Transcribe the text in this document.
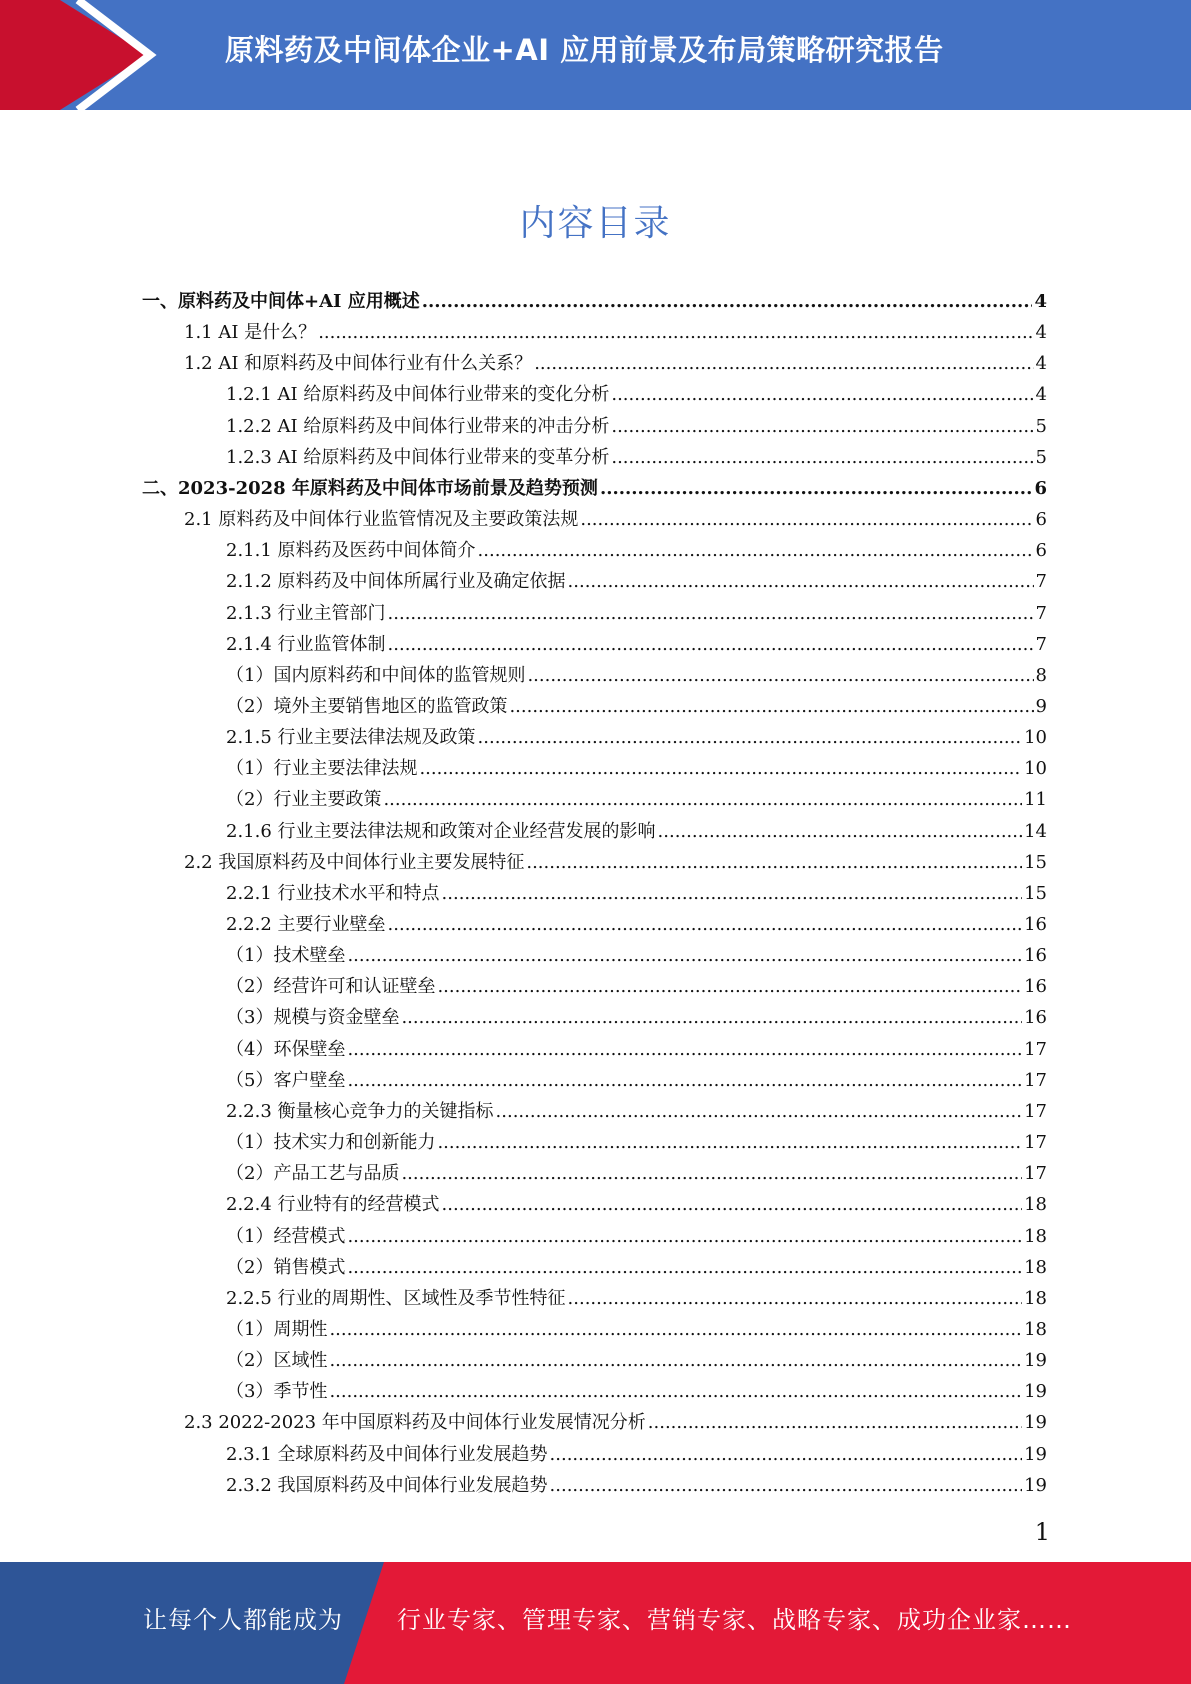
原料药及中间体企业+AI 应用前景及布局策略研究报告
内容目录
一、原料药及中间体+AI 应用概述 .....	4
1.1 AI 是什么？ .....	4
1.2 AI 和原料药及中间体行业有什么关系？ .....	4
1.2.1 AI 给原料药及中间体行业带来的变化分析 .....	4
1.2.2 AI 给原料药及中间体行业带来的冲击分析 .....	5
1.2.3 AI 给原料药及中间体行业带来的变革分析 .....	5
二、2023-2028 年原料药及中间体市场前景及趋势预测 .....	6
2.1 原料药及中间体行业监管情况及主要政策法规 .....	6
2.1.1 原料药及医药中间体简介 .....	6
2.1.2 原料药及中间体所属行业及确定依据 .....	7
2.1.3 行业主管部门 .....	7
2.1.4 行业监管体制 .....	7
（1）国内原料药和中间体的监管规则 .....	8
（2）境外主要销售地区的监管政策 .....	9
2.1.5 行业主要法律法规及政策 .....	10
（1）行业主要法律法规 .....	10
（2）行业主要政策 .....	11
2.1.6 行业主要法律法规和政策对企业经营发展的影响 .....	14
2.2 我国原料药及中间体行业主要发展特征 .....	15
2.2.1 行业技术水平和特点 .....	15
2.2.2 主要行业壁垒 .....	16
（1）技术壁垒 .....	16
（2）经营许可和认证壁垒 .....	16
（3）规模与资金壁垒 .....	16
（4）环保壁垒 .....	17
（5）客户壁垒 .....	17
2.2.3 衡量核心竞争力的关键指标 .....	17
（1）技术实力和创新能力 .....	17
（2）产品工艺与品质 .....	17
2.2.4 行业特有的经营模式 .....	18
（1）经营模式 .....	18
（2）销售模式 .....	18
2.2.5 行业的周期性、区域性及季节性特征 .....	18
（1）周期性 .....	18
（2）区域性 .....	19
（3）季节性 .....	19
2.3 2022-2023 年中国原料药及中间体行业发展情况分析 .....	19
2.3.1 全球原料药及中间体行业发展趋势 .....	19
2.3.2 我国原料药及中间体行业发展趋势 .....	19
1
让每个人都能成为 行业专家、管理专家、营销专家、战略专家、成功企业家……
